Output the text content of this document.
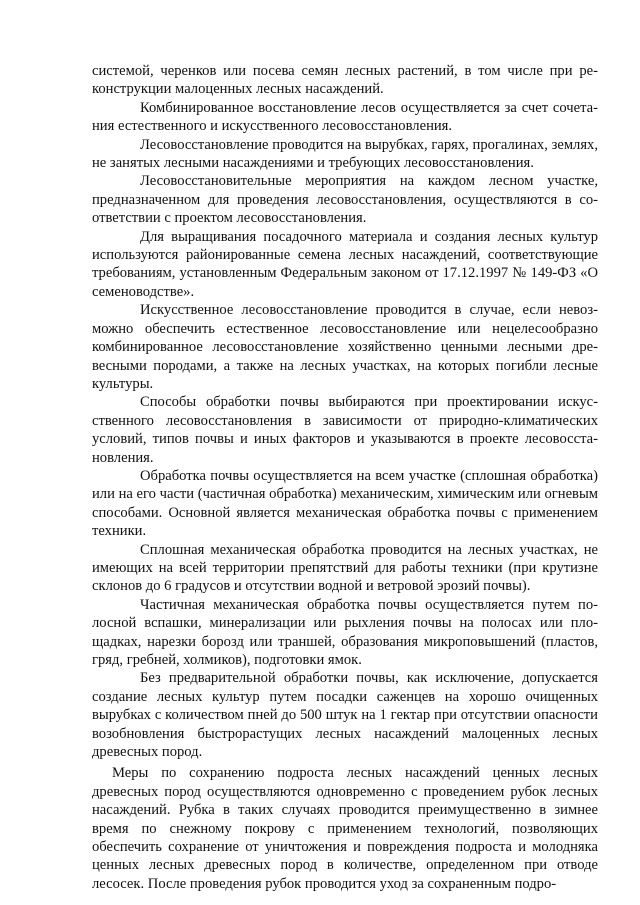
системой, черенков или посева семян лесных растений, в том числе при реконструкции малоценных лесных насаждений.

Комбинированное восстановление лесов осуществляется за счет сочетания естественного и искусственного лесовосстановления.

Лесовосстановление проводится на вырубках, гарях, прогалинах, землях, не занятых лесными насаждениями и требующих лесовосстановления.

Лесовосстановительные мероприятия на каждом лесном участке, предназначенном для проведения лесовосстановления, осуществляются в соответствии с проектом лесовосстановления.

Для выращивания посадочного материала и создания лесных культур используются районированные семена лесных насаждений, соответствующие требованиям, установленным Федеральным законом от 17.12.1997 № 149-ФЗ «О семеноводстве».

Искусственное лесовосстановление проводится в случае, если невозможно обеспечить естественное лесовосстановление или нецелесообразно комбинированное лесовосстановление хозяйственно ценными лесными древесными породами, а также на лесных участках, на которых погибли лесные культуры.

Способы обработки почвы выбираются при проектировании искусственного лесовосстановления в зависимости от природно-климатических условий, типов почвы и иных факторов и указываются в проекте лесовосстановления.

Обработка почвы осуществляется на всем участке (сплошная обработка) или на его части (частичная обработка) механическим, химическим или огневым способами. Основной является механическая обработка почвы с применением техники.

Сплошная механическая обработка проводится на лесных участках, не имеющих на всей территории препятствий для работы техники (при крутизне склонов до 6 градусов и отсутствии водной и ветровой эрозий почвы).

Частичная механическая обработка почвы осуществляется путем полосной вспашки, минерализации или рыхления почвы на полосах или площадках, нарезки борозд или траншей, образования микроповышений (пластов, гряд, гребней, холмиков), подготовки ямок.

Без предварительной обработки почвы, как исключение, допускается создание лесных культур путем посадки саженцев на хорошо очищенных вырубках с количеством пней до 500 штук на 1 гектар при отсутствии опасности возобновления быстрорастущих лесных насаждений малоценных лесных древесных пород.

Меры по сохранению подроста лесных насаждений ценных лесных древесных пород осуществляются одновременно с проведением рубок лесных насаждений. Рубка в таких случаях проводится преимущественно в зимнее время по снежному покрову с применением технологий, позволяющих обеспечить сохранение от уничтожения и повреждения подроста и молодняка ценных лесных древесных пород в количестве, определенном при отводе лесосек. После проведения рубок проводится уход за сохраненным подро-
